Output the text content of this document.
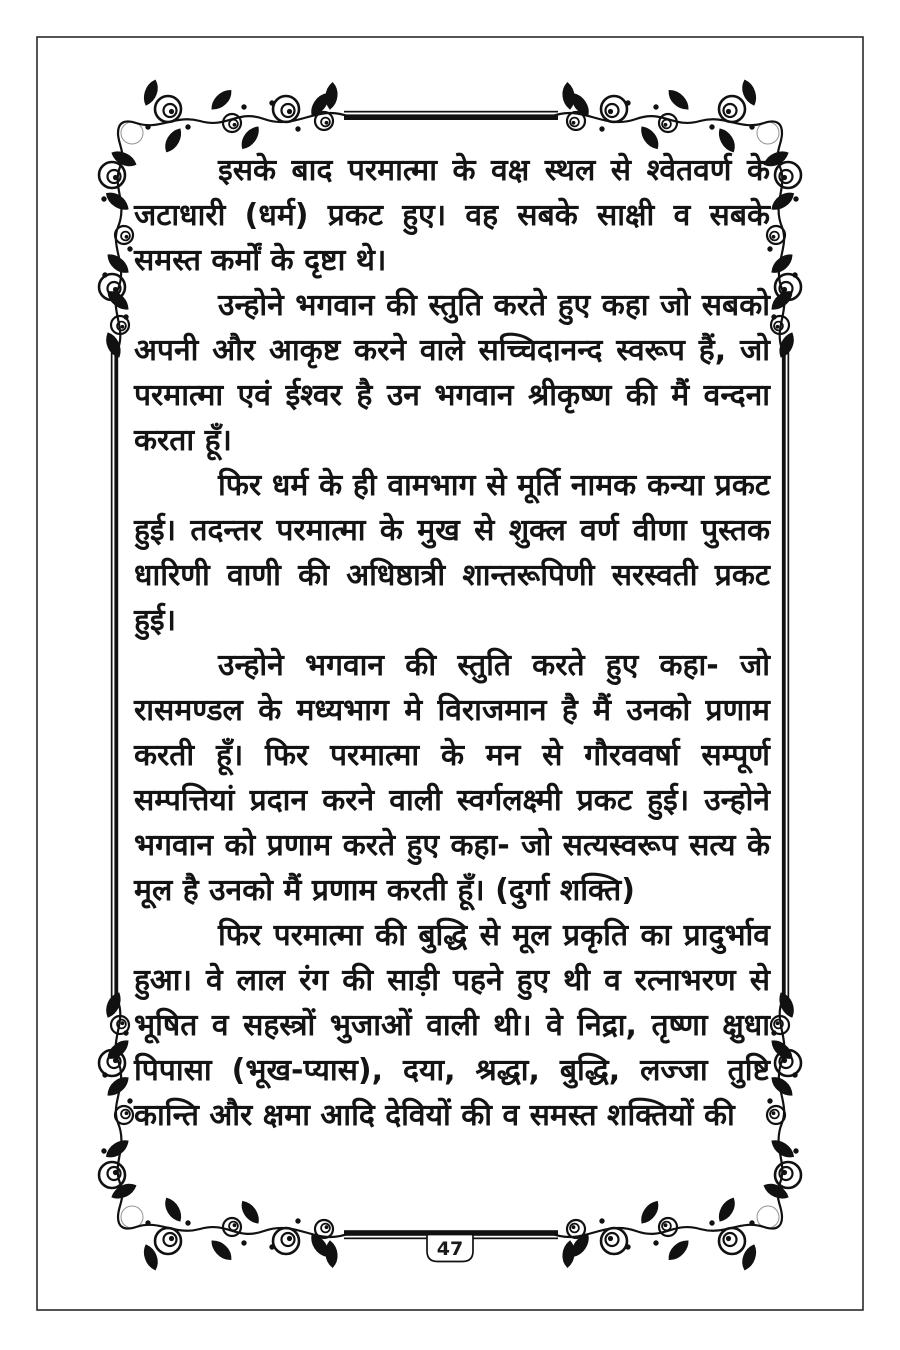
इसके बाद परमात्मा के वक्ष स्थल से श्वेतवर्ण के जटाधारी (धर्म) प्रकट हुए। वह सबके साक्षी व सबके समस्त कर्मों के दृष्टा थे।

उन्होने भगवान की स्तुति करते हुए कहा जो सबको अपनी और आकृष्ट करने वाले सच्चिदानन्द स्वरूप हैं, जो परमात्मा एवं ईश्वर है उन भगवान श्रीकृष्ण की मैं वन्दना करता हूँ।

फिर धर्म के ही वामभाग से मूर्ति नामक कन्या प्रकट हुई। तदन्तर परमात्मा के मुख से शुक्ल वर्ण वीणा पुस्तक धारिणी वाणी की अधिष्ठात्री शान्तरूपिणी सरस्वती प्रकट हुई।

उन्होने भगवान की स्तुति करते हुए कहा- जो रासमण्डल के मध्यभाग मे विराजमान है मैं उनको प्रणाम करती हूँ। फिर परमात्मा के मन से गौरववर्षा सम्पूर्ण सम्पत्तियां प्रदान करने वाली स्वर्गलक्ष्मी प्रकट हुई। उन्होने भगवान को प्रणाम करते हुए कहा- जो सत्यस्वरूप सत्य के मूल है उनको मैं प्रणाम करती हूँ। (दुर्गा शक्ति)

फिर परमात्मा की बुद्धि से मूल प्रकृति का प्रादुर्भाव हुआ। वे लाल रंग की साड़ी पहने हुए थी व रत्नाभरण से भूषित व सहस्त्रों भुजाओं वाली थी। वे निद्रा, तृष्णा क्षुधा पिपासा (भूख-प्यास), दया, श्रद्धा, बुद्धि, लज्जा तुष्टि कान्ति और क्षमा आदि देवियों की व समस्त शक्तियों की

47
